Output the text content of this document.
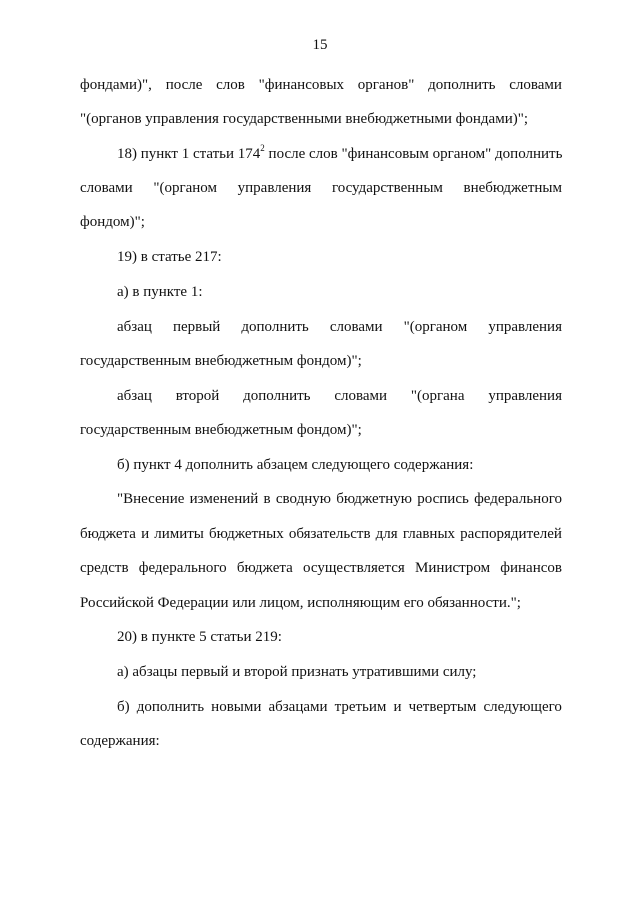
15
фондами)", после слов "финансовых органов" дополнить словами
"(органов управления государственными внебюджетными фондами)";
18) пункт 1 статьи $174^2$ после слов "финансовым органом" дополнить
словами "(органом управления государственным внебюджетным
фондом)";
19) в статье 217:
а) в пункте 1:
абзац первый дополнить словами "(органом управления
государственным внебюджетным фондом)";
абзац второй дополнить словами "(органа управления
государственным внебюджетным фондом)";
б) пункт 4 дополнить абзацем следующего содержания:
"Внесение изменений в сводную бюджетную роспись федерального
бюджета и лимиты бюджетных обязательств для главных распорядителей
средств федерального бюджета осуществляется Министром финансов
Российской Федерации или лицом, исполняющим его обязанности.";
20) в пункте 5 статьи 219:
а) абзацы первый и второй признать утратившими силу;
б) дополнить новыми абзацами третьим и четвертым следующего
содержания:
